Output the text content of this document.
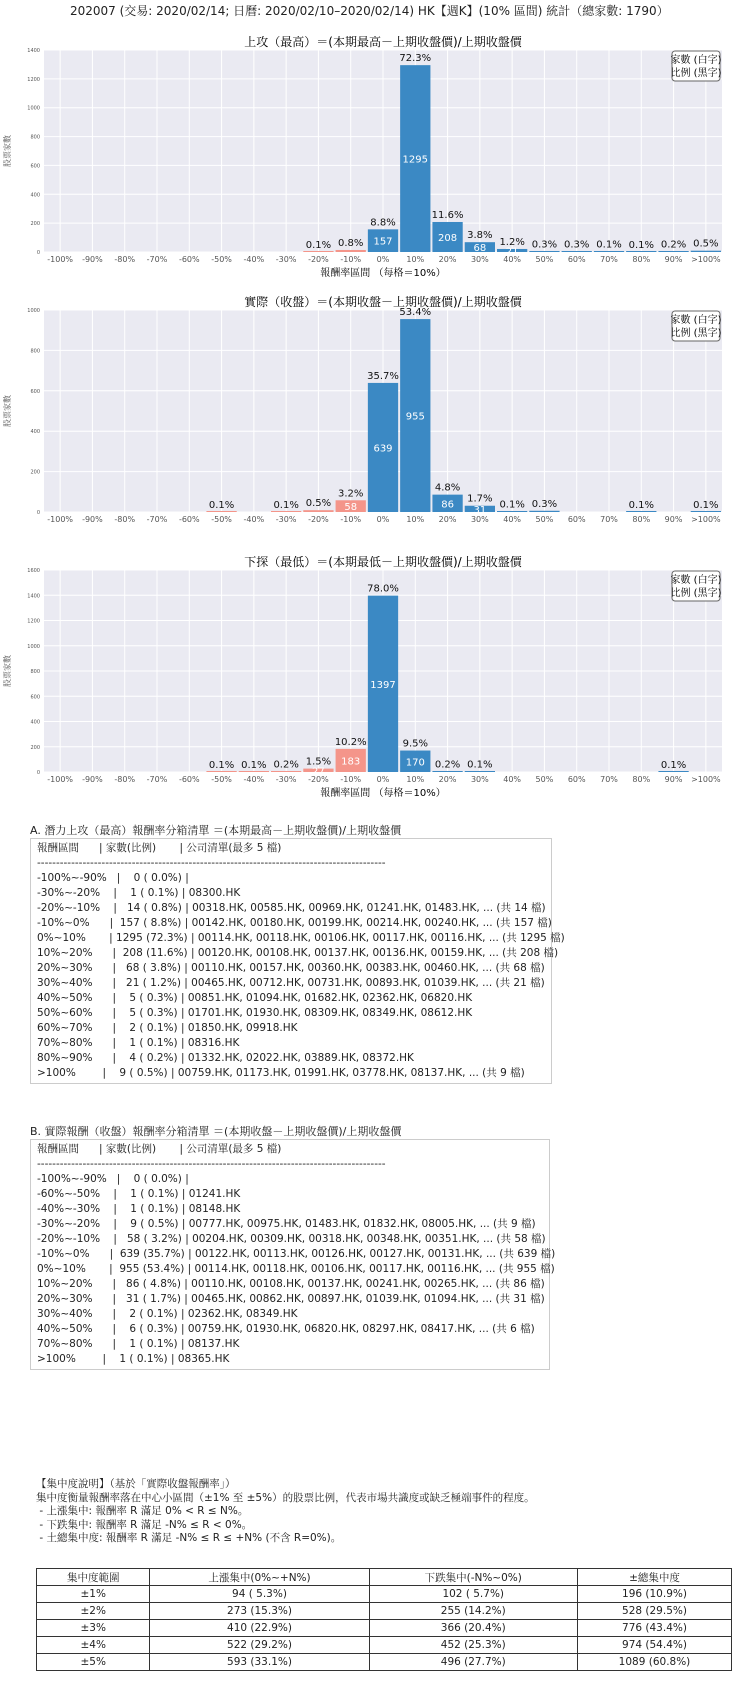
202007 (交易: 2020/02/14; 日曆: 2020/02/10–2020/02/14) HK【週K】(10% 區間) 統計（總家數: 1790）
上攻（最高）＝(本期最高－上期收盤價)/上期收盤價
0
200
400
600
800
1000
1200
1400
-100% -90% -80% -70% -60% -50% -40% -30% -20% -10% 0% 10% 20% 30% 40% 50% 60% 70% 80% 90% >100%
股票家數
報酬率區間 （每格＝10%）
0.1% 0.8% 157
8.8%
1295
72.3%
208
11.6%
68
3.8%
21
1.2% 0.3% 0.3% 0.1% 0.1% 0.2% 0.5%
家數 (白字)
比例 (黑字)
實際（收盤）＝(本期收盤－上期收盤價)/上期收盤價
0
200
400
600
800
1000
-100% -90% -80% -70% -60% -50% -40% -30% -20% -10% 0% 10% 20% 30% 40% 50% 60% 70% 80% 90% >100%
股票家數
0.1%	0.1% 0.5% 58
3.2%
639
35.7%
955
53.4%
86
4.8%
31
1.7%
0.1% 0.3%	0.1%	0.1%
家數 (白字)
比例 (黑字)
下探（最低）＝(本期最低－上期收盤價)/上期收盤價
0
200
400
600
800
1000
1200
1400
1600
-100% -90% -80% -70% -60% -50% -40% -30% -20% -10% 0% 10% 20% 30% 40% 50% 60% 70% 80% 90% >100%
股票家數
報酬率區間 （每格＝10%）
0.1% 0.1% 0.2%
27
1.5% 183
10.2%
1397
78.0%
170
9.5%
0.2% 0.1%	0.1%
家數 (白字)
比例 (黑字)
A. 潛力上攻（最高）報酬率分箱清單 ＝(本期最高－上期收盤價)/上期收盤價
報酬區間      | 家數(比例)       | 公司清單(最多 5 檔)
--------------------------------------------------------------------------------------------
-100%~-90%   |    0 ( 0.0%) |
-30%~-20%    |    1 ( 0.1%) | 08300.HK
-20%~-10%    |   14 ( 0.8%) | 00318.HK, 00585.HK, 00969.HK, 01241.HK, 01483.HK, ... (共 14 檔)
-10%~0%      |  157 ( 8.8%) | 00142.HK, 00180.HK, 00199.HK, 00214.HK, 00240.HK, ... (共 157 檔)
0%~10%       | 1295 (72.3%) | 00114.HK, 00118.HK, 00106.HK, 00117.HK, 00116.HK, ... (共 1295 檔)
10%~20%      |  208 (11.6%) | 00120.HK, 00108.HK, 00137.HK, 00136.HK, 00159.HK, ... (共 208 檔)
20%~30%      |   68 ( 3.8%) | 00110.HK, 00157.HK, 00360.HK, 00383.HK, 00460.HK, ... (共 68 檔)
30%~40%      |   21 ( 1.2%) | 00465.HK, 00712.HK, 00731.HK, 00893.HK, 01039.HK, ... (共 21 檔)
40%~50%      |    5 ( 0.3%) | 00851.HK, 01094.HK, 01682.HK, 02362.HK, 06820.HK
50%~60%      |    5 ( 0.3%) | 01701.HK, 01930.HK, 08309.HK, 08349.HK, 08612.HK
60%~70%      |    2 ( 0.1%) | 01850.HK, 09918.HK
70%~80%      |    1 ( 0.1%) | 08316.HK
80%~90%      |    4 ( 0.2%) | 01332.HK, 02022.HK, 03889.HK, 08372.HK
>100%        |    9 ( 0.5%) | 00759.HK, 01173.HK, 01991.HK, 03778.HK, 08137.HK, ... (共 9 檔)
B. 實際報酬（收盤）報酬率分箱清單 ＝(本期收盤－上期收盤價)/上期收盤價
報酬區間      | 家數(比例)       | 公司清單(最多 5 檔)
--------------------------------------------------------------------------------------------
-100%~-90%   |    0 ( 0.0%) |
-60%~-50%    |    1 ( 0.1%) | 01241.HK
-40%~-30%    |    1 ( 0.1%) | 08148.HK
-30%~-20%    |    9 ( 0.5%) | 00777.HK, 00975.HK, 01483.HK, 01832.HK, 08005.HK, ... (共 9 檔)
-20%~-10%    |   58 ( 3.2%) | 00204.HK, 00309.HK, 00318.HK, 00348.HK, 00351.HK, ... (共 58 檔)
-10%~0%      |  639 (35.7%) | 00122.HK, 00113.HK, 00126.HK, 00127.HK, 00131.HK, ... (共 639 檔)
0%~10%       |  955 (53.4%) | 00114.HK, 00118.HK, 00106.HK, 00117.HK, 00116.HK, ... (共 955 檔)
10%~20%      |   86 ( 4.8%) | 00110.HK, 00108.HK, 00137.HK, 00241.HK, 00265.HK, ... (共 86 檔)
20%~30%      |   31 ( 1.7%) | 00465.HK, 00862.HK, 00897.HK, 01039.HK, 01094.HK, ... (共 31 檔)
30%~40%      |    2 ( 0.1%) | 02362.HK, 08349.HK
40%~50%      |    6 ( 0.3%) | 00759.HK, 01930.HK, 06820.HK, 08297.HK, 08417.HK, ... (共 6 檔)
70%~80%      |    1 ( 0.1%) | 08137.HK
>100%        |    1 ( 0.1%) | 08365.HK
【集中度說明】（基於「實際收盤報酬率」）
集中度衡量報酬率落在中心小區間（±1% 至 ±5%）的股票比例，代表市場共識度或缺乏極端事件的程度。
- 上漲集中: 報酬率 R 滿足 0% < R ≤ N%。
- 下跌集中: 報酬率 R 滿足 -N% ≤ R < 0%。
- 土總集中度: 報酬率 R 滿足 -N% ≤ R ≤ +N% (不含 R=0%)。
集中度範圍	上漲集中(0%~+N%)	下跌集中(-N%~0%)	±總集中度
±1%	94 ( 5.3%)	102 ( 5.7%)	196 (10.9%)
±2%	273 (15.3%)	255 (14.2%)	528 (29.5%)
±3%	410 (22.9%)	366 (20.4%)	776 (43.4%)
±4%	522 (29.2%)	452 (25.3%)	974 (54.4%)
±5%	593 (33.1%)	496 (27.7%)	1089 (60.8%)
